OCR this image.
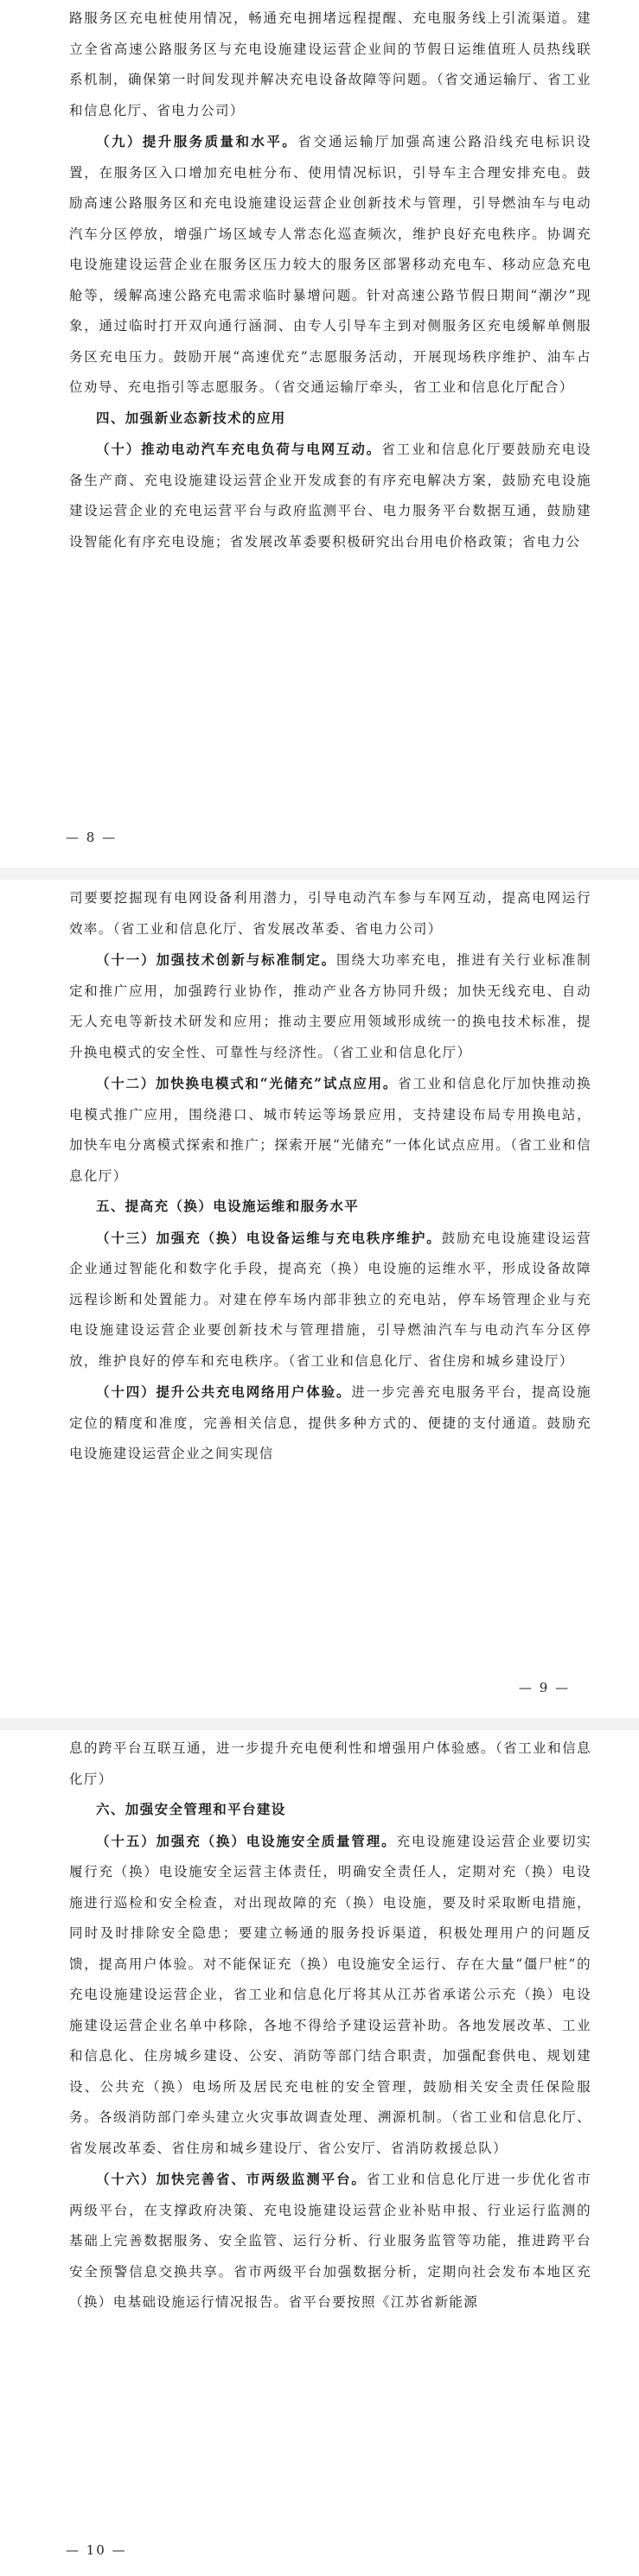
路服务区充电桩使用情况，畅通充电拥堵远程提醒、充电服务线上引流渠道。建立全省高速公路服务区与充电设施建设运营企业间的节假日运维值班人员热线联系机制，确保第一时间发现并解决充电设备故障等问题。（省交通运输厅、省工业和信息化厅、省电力公司）

（九）提升服务质量和水平。省交通运输厅加强高速公路沿线充电标识设置，在服务区入口增加充电桩分布、使用情况标识，引导车主合理安排充电。鼓励高速公路服务区和充电设施建设运营企业创新技术与管理，引导燃油车与电动汽车分区停放，增强广场区域专人常态化巡查频次，维护良好充电秩序。协调充电设施建设运营企业在服务区压力较大的服务区部署移动充电车、移动应急充电舱等，缓解高速公路充电需求临时暴增问题。针对高速公路节假日期间“潮汐”现象，通过临时打开双向通行涵洞、由专人引导车主到对侧服务区充电缓解单侧服务区充电压力。鼓励开展“高速优充”志愿服务活动，开展现场秩序维护、油车占位劝导、充电指引等志愿服务。（省交通运输厅牵头，省工业和信息化厅配合）

四、加强新业态新技术的应用

（十）推动电动汽车充电负荷与电网互动。省工业和信息化厅要鼓励充电设备生产商、充电设施建设运营企业开发成套的有序充电解决方案，鼓励充电设施建设运营企业的充电运营平台与政府监测平台、电力服务平台数据互通，鼓励建设智能化有序充电设施；省发展改革委要积极研究出台用电价格政策；省电力公

— 8 —

司要要挖掘现有电网设备利用潜力，引导电动汽车参与车网互动，提高电网运行效率。（省工业和信息化厅、省发展改革委、省电力公司）

（十一）加强技术创新与标准制定。围绕大功率充电，推进有关行业标准制定和推广应用，加强跨行业协作，推动产业各方协同升级；加快无线充电、自动无人充电等新技术研发和应用；推动主要应用领域形成统一的换电技术标准，提升换电模式的安全性、可靠性与经济性。（省工业和信息化厅）

（十二）加快换电模式和“光储充”试点应用。省工业和信息化厅加快推动换电模式推广应用，围绕港口、城市转运等场景应用，支持建设布局专用换电站，加快车电分离模式探索和推广；探索开展“光储充”一体化试点应用。（省工业和信息化厅）

五、提高充（换）电设施运维和服务水平

（十三）加强充（换）电设备运维与充电秩序维护。鼓励充电设施建设运营企业通过智能化和数字化手段，提高充（换）电设施的运维水平，形成设备故障远程诊断和处置能力。对建在停车场内部非独立的充电站，停车场管理企业与充电设施建设运营企业要创新技术与管理措施，引导燃油汽车与电动汽车分区停放，维护良好的停车和充电秩序。（省工业和信息化厅、省住房和城乡建设厅）

（十四）提升公共充电网络用户体验。进一步完善充电服务平台，提高设施定位的精度和准度，完善相关信息，提供多种方式的、便捷的支付通道。鼓励充电设施建设运营企业之间实现信

— 9 —

息的跨平台互联互通，进一步提升充电便利性和增强用户体验感。（省工业和信息化厅）

六、加强安全管理和平台建设

（十五）加强充（换）电设施安全质量管理。充电设施建设运营企业要切实履行充（换）电设施安全运营主体责任，明确安全责任人，定期对充（换）电设施进行巡检和安全检查，对出现故障的充（换）电设施，要及时采取断电措施，同时及时排除安全隐患；要建立畅通的服务投诉渠道，积极处理用户的问题反馈，提高用户体验。对不能保证充（换）电设施安全运行、存在大量“僵尸桩”的充电设施建设运营企业，省工业和信息化厅将其从江苏省承诺公示充（换）电设施建设运营企业名单中移除，各地不得给予建设运营补助。各地发展改革、工业和信息化、住房城乡建设、公安、消防等部门结合职责，加强配套供电、规划建设、公共充（换）电场所及居民充电桩的安全管理，鼓励相关安全责任保险服务。各级消防部门牵头建立火灾事故调查处理、溯源机制。（省工业和信息化厅、省发展改革委、省住房和城乡建设厅、省公安厅、省消防救援总队）

（十六）加快完善省、市两级监测平台。省工业和信息化厅进一步优化省市两级平台，在支撑政府决策、充电设施建设运营企业补贴申报、行业运行监测的基础上完善数据服务、安全监管、运行分析、行业服务监管等功能，推进跨平台安全预警信息交换共享。省市两级平台加强数据分析，定期向社会发布本地区充（换）电基础设施运行情况报告。省平台要按照《江苏省新能源

— 10 —
